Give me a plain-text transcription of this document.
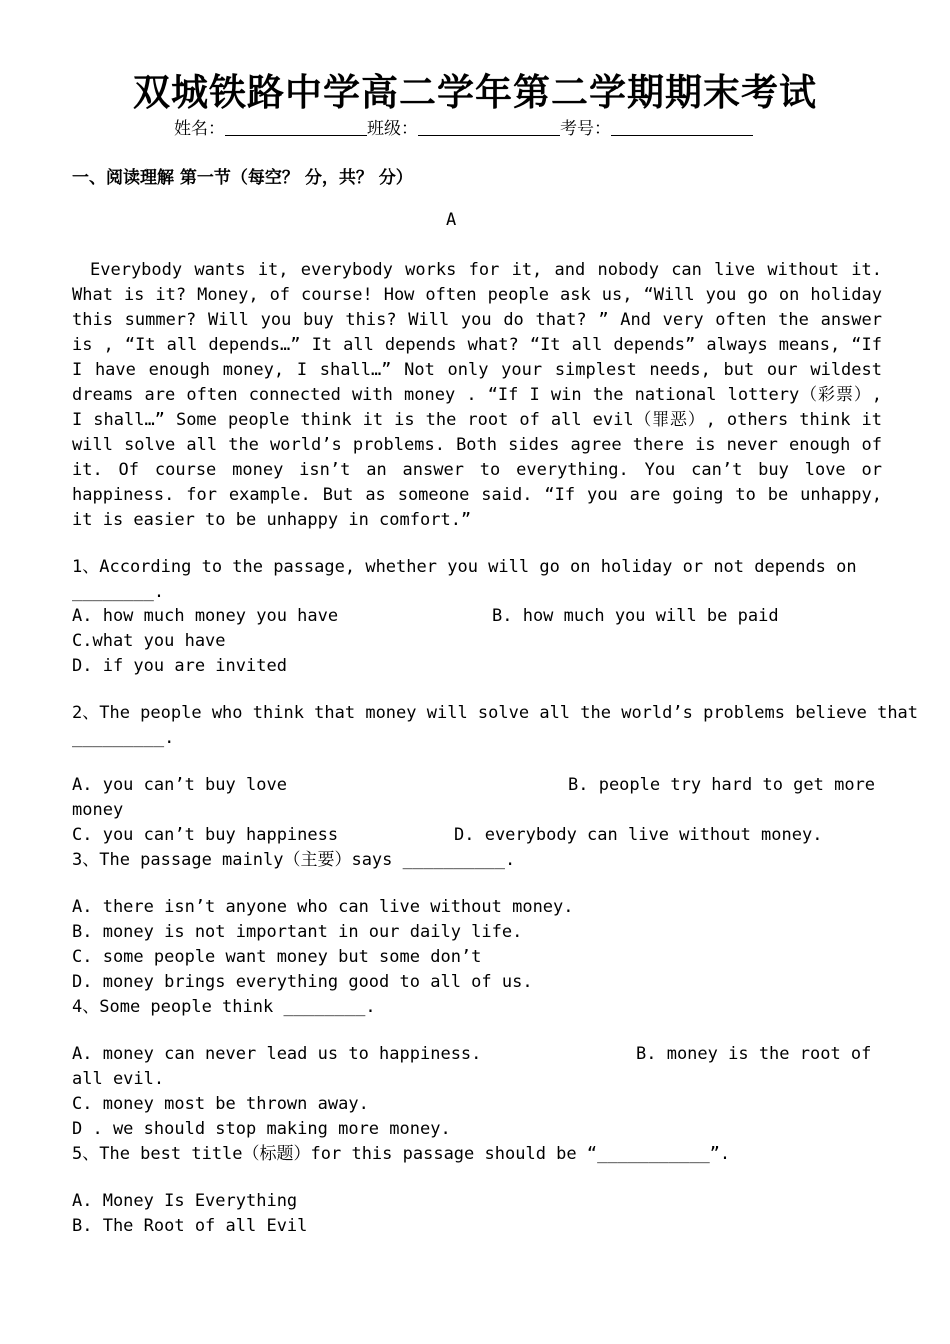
双城铁路中学高二学年第二学期期末考试
姓名：	班级：	考号：
一、阅读理解 第一节（每空？ 分，共？ 分）
A
Everybody wants it, everybody works for it, and nobody can live without it. What is it? Money, of course! How often people ask us, “Will you go on holiday this summer? Will you buy this? Will you do that? ” And very often the answer is , “It all depends…” It all depends what? “It all depends” always means, “If I have enough money, I shall…” Not only your simplest needs, but our wildest dreams are often connected with money . “If I win the national lottery（彩票）, I shall…” Some people think it is the root of all evil（罪恶）, others think it will solve all the world’s problems. Both sides agree there is never enough of it. Of course money isn’t an answer to everything. You can’t buy love or happiness. for example. But as someone said. “If you are going to be unhappy, it is easier to be unhappy in comfort.”
1、According to the passage, whether you will go on holiday or not depends on
________.
A. how much money you have	B. how much you will be paid
C.what you have
D. if you are invited
2、The people who think that money will solve all the world’s problems believe that
_________.
A. you can’t buy love	B. people try hard to get more
money
C. you can’t buy happiness	D. everybody can live without money.
3、The passage mainly（主要）says __________.
A. there isn’t anyone who can live without money.
B. money is not important in our daily life.
C. some people want money but some don’t
D. money brings everything good to all of us.
4、Some people think ________.
A. money can never lead us to happiness.	B. money is the root of
all evil.
C. money most be thrown away.
D . we should stop making more money.
5、The best title（标题）for this passage should be “___________”.
A. Money Is Everything
B. The Root of all Evil
